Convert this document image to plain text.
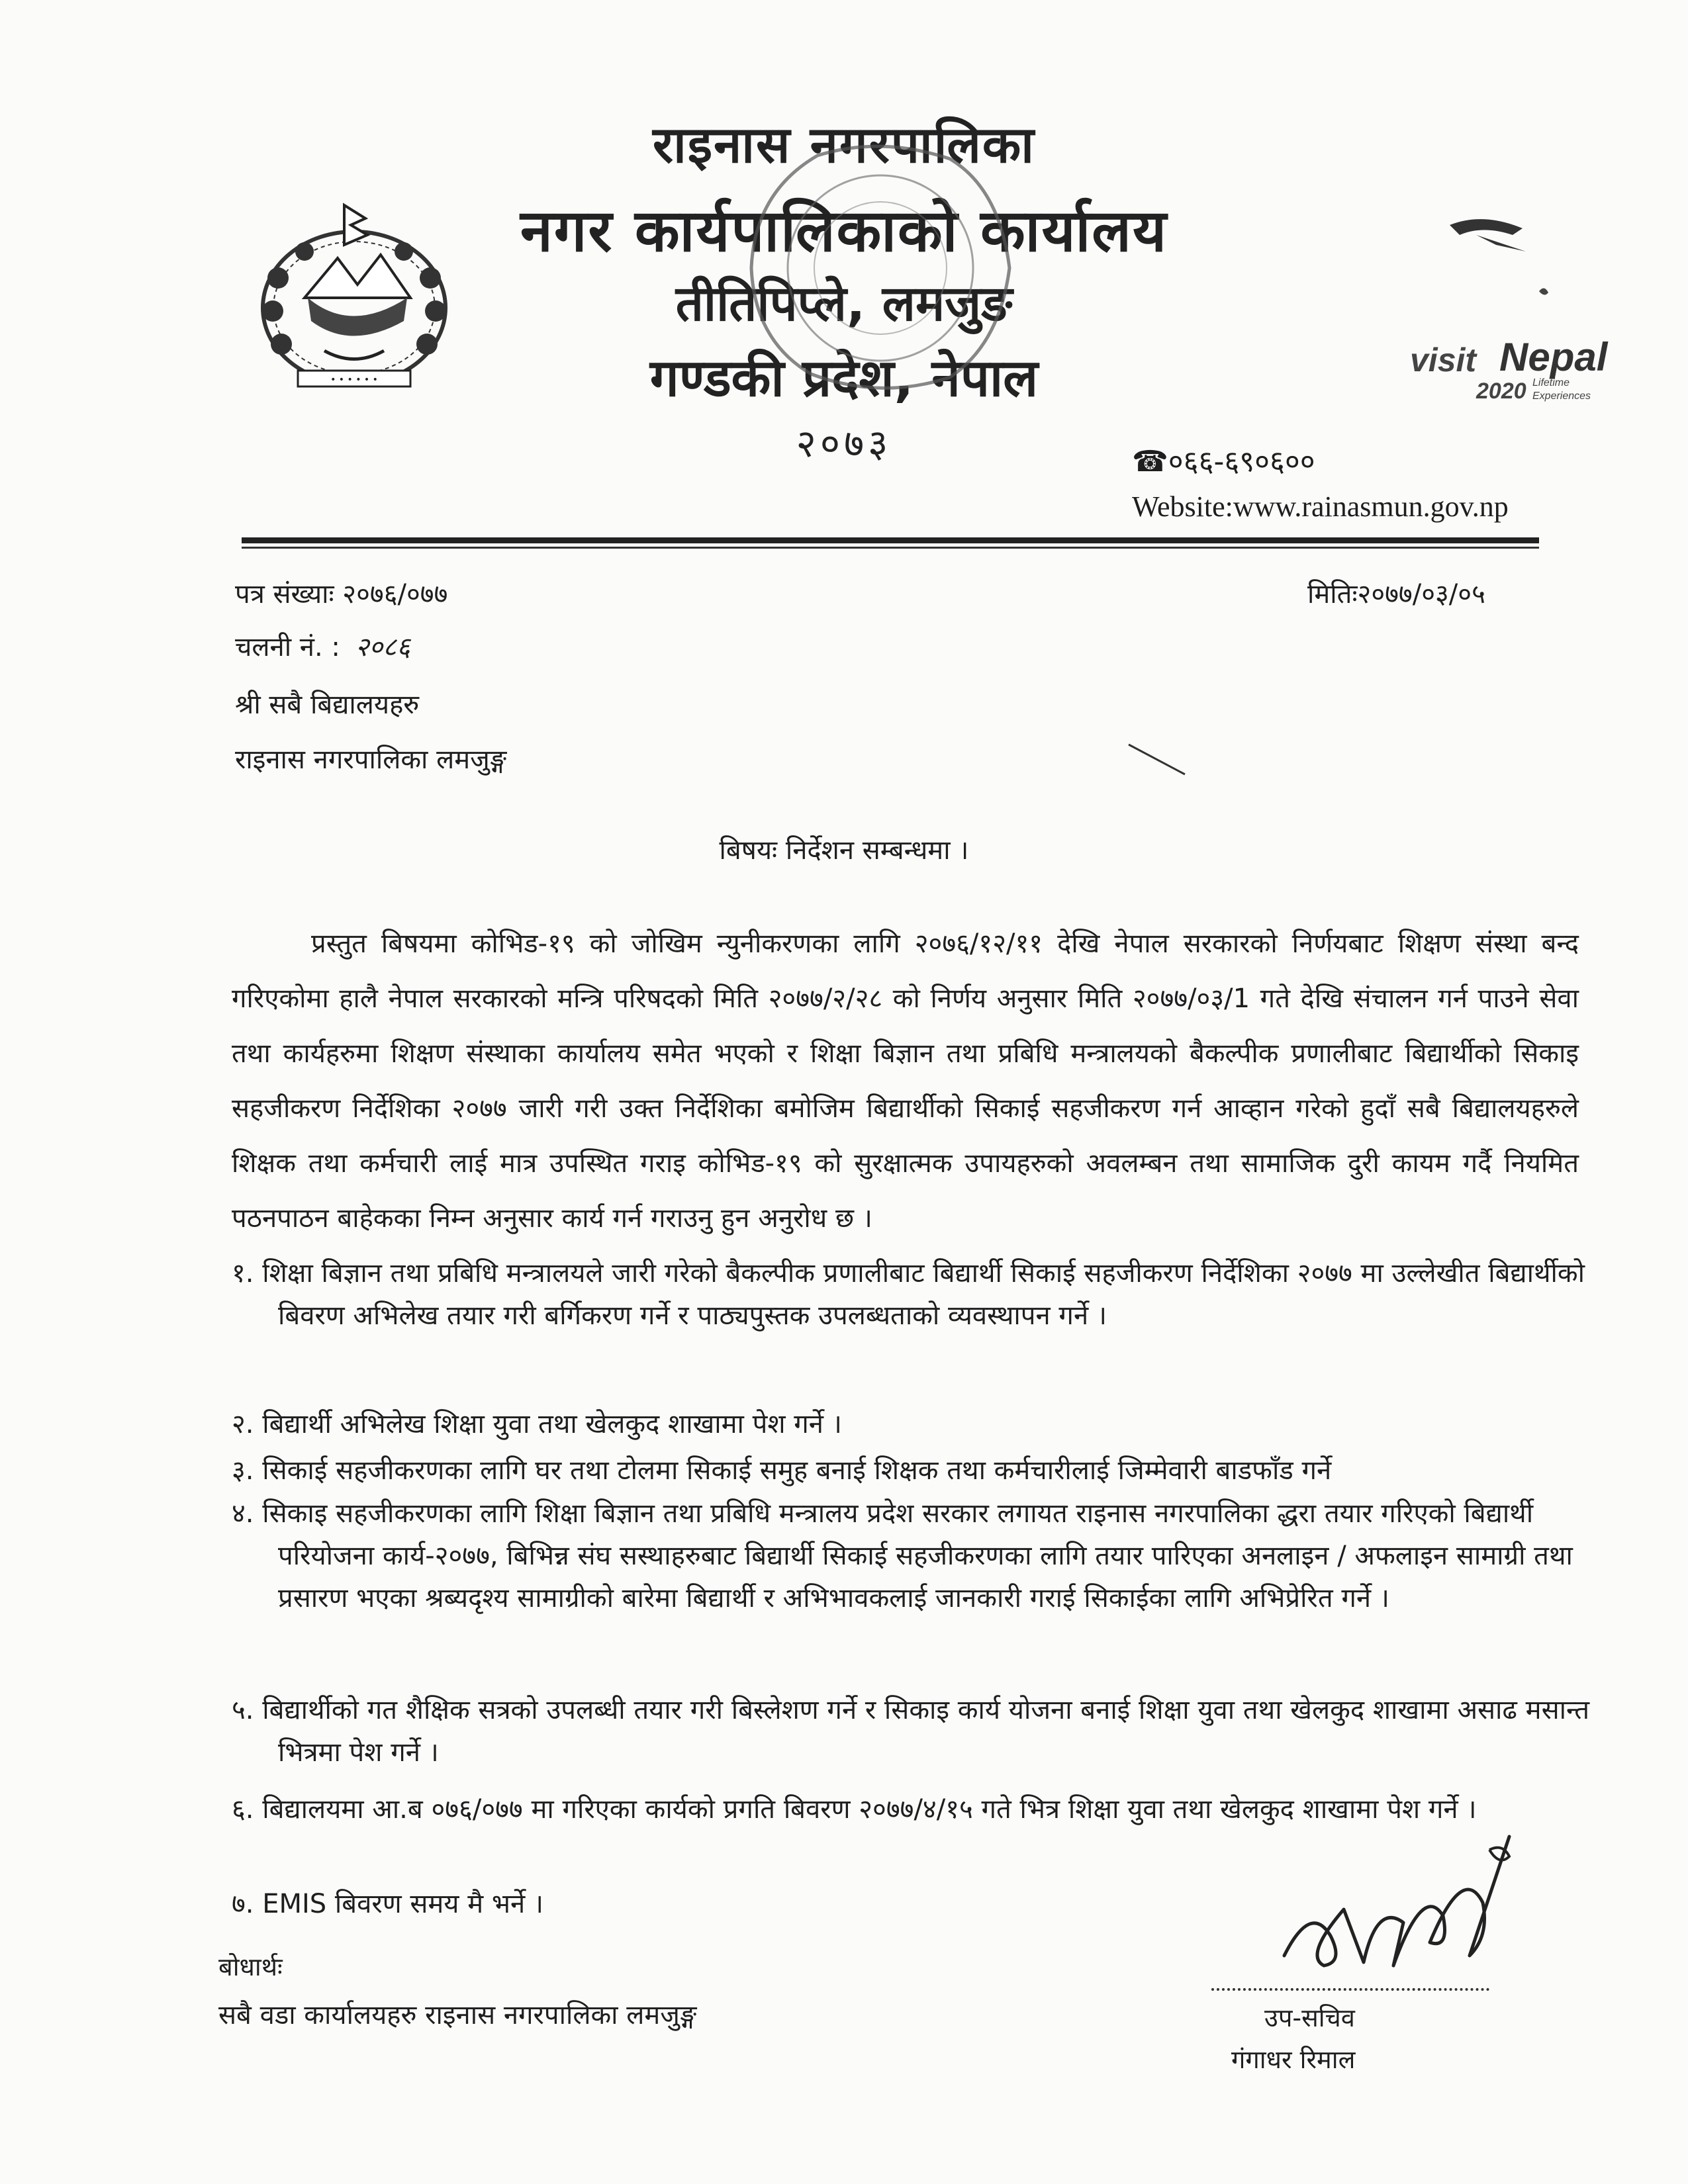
राइनास नगरपालिका
नगर कार्यपालिकाको कार्यालय
तीतिपिप्ले, लमजुङ
गण्डकी प्रदेश, नेपाल
२०७३
• • • • • •
visit Nepal
2020 Lifetime
Experiences
☎०६६-६९०६००
Website:www.rainasmun.gov.np
पत्र संख्याः २०७६/०७७	मितिः२०७७/०३/०५
चलनी नं. : २०८६
श्री सबै बिद्यालयहरु
राइनास नगरपालिका लमजुङ्ग
बिषयः निर्देशन सम्बन्धमा ।
प्रस्तुत बिषयमा कोभिड-१९ को जोखिम न्युनीकरणका लागि २०७६/१२/११ देखि नेपाल सरकारको निर्णयबाट शिक्षण संस्था बन्द गरिएकोमा हालै नेपाल सरकारको मन्त्रि परिषदको मिति २०७७/२/२८ को निर्णय अनुसार मिति २०७७/०३/1 गते देखि संचालन गर्न पाउने सेवा तथा कार्यहरुमा शिक्षण संस्थाका कार्यालय समेत भएको र शिक्षा बिज्ञान तथा प्रबिधि मन्त्रालयको बैकल्पीक प्रणालीबाट बिद्यार्थीको सिकाइ सहजीकरण निर्देशिका २०७७ जारी गरी उक्त निर्देशिका बमोजिम बिद्यार्थीको सिकाई सहजीकरण गर्न आव्हान गरेको हुदाँ सबै बिद्यालयहरुले शिक्षक तथा कर्मचारी लाई मात्र उपस्थित गराइ कोभिड-१९ को सुरक्षात्मक उपायहरुको अवलम्बन तथा सामाजिक दुरी कायम गर्दै नियमित पठनपाठन बाहेकका निम्न अनुसार कार्य गर्न गराउनु हुन अनुरोध छ ।
१. शिक्षा बिज्ञान तथा प्रबिधि मन्त्रालयले जारी गरेको बैकल्पीक प्रणालीबाट बिद्यार्थी सिकाई सहजीकरण निर्देशिका २०७७ मा उल्लेखीत बिद्यार्थीको बिवरण अभिलेख तयार गरी बर्गिकरण गर्ने र पाठ्यपुस्तक उपलब्धताको व्यवस्थापन गर्ने ।
२. बिद्यार्थी अभिलेख शिक्षा युवा तथा खेलकुद शाखामा पेश गर्ने ।
३. सिकाई सहजीकरणका लागि घर तथा टोलमा सिकाई समुह बनाई शिक्षक तथा कर्मचारीलाई जिम्मेवारी बाडफाँड गर्ने
४. सिकाइ सहजीकरणका लागि शिक्षा बिज्ञान तथा प्रबिधि मन्त्रालय प्रदेश सरकार लगायत राइनास नगरपालिका द्धरा तयार गरिएको बिद्यार्थी परियोजना कार्य-२०७७, बिभिन्न संघ सस्थाहरुबाट बिद्यार्थी सिकाई सहजीकरणका लागि तयार पारिएका अनलाइन / अफलाइन सामाग्री तथा प्रसारण भएका श्रब्यदृश्य सामाग्रीको बारेमा बिद्यार्थी र अभिभावकलाई जानकारी गराई सिकाईका लागि अभिप्रेरित गर्ने ।
५. बिद्यार्थीको गत शैक्षिक सत्रको उपलब्धी तयार गरी बिस्लेशण गर्ने र सिकाइ कार्य योजना बनाई शिक्षा युवा तथा खेलकुद शाखामा असाढ मसान्त भित्रमा पेश गर्ने ।
६. बिद्यालयमा आ.ब ०७६/०७७ मा गरिएका कार्यको प्रगति बिवरण २०७७/४/१५ गते भित्र शिक्षा युवा तथा खेलकुद शाखामा पेश गर्ने ।
७. EMIS बिवरण समय मै भर्ने ।
बोधार्थः
सबै वडा कार्यालयहरु राइनास नगरपालिका लमजुङ्ग	उप-सचिव
गंगाधर रिमाल
